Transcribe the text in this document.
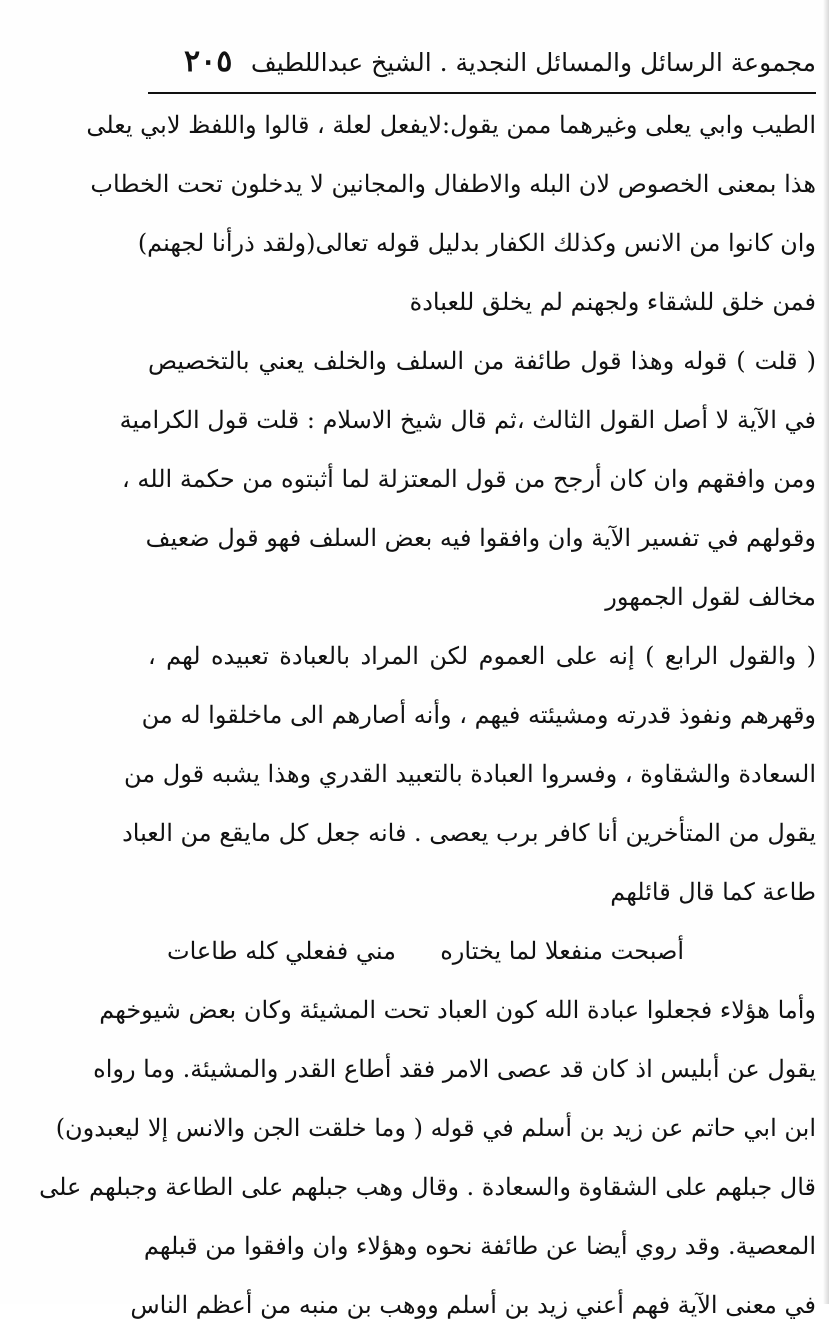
مجموعة الرسائل والمسائل النجدية . الشيخ عبداللطيف
٢٠٥
الطيب وابي يعلى وغيرهما ممن يقول:لايفعل لعلة ، قالوا واللفظ لابي يعلى
هذا بمعنى الخصوص لان البله والاطفال والمجانين لا يدخلون تحت الخطاب
وان كانوا من الانس وكذلك الكفار بدليل قوله تعالى(ولقد ذرأنا لجهنم)
فمن خلق للشقاء ولجهنم لم يخلق للعبادة
( قلت ) قوله وهذا قول طائفة من السلف والخلف يعني بالتخصيص
في الآية لا أصل القول الثالث ،ثم قال شيخ الاسلام : قلت قول الكرامية
ومن وافقهم وان كان أرجح من قول المعتزلة لما أثبتوه من حكمة الله ،
وقولهم في تفسير الآية وان وافقوا فيه بعض السلف فهو قول ضعيف
مخالف لقول الجمهور
( والقول الرابع ) إنه على العموم لكن المراد بالعبادة تعبيده لهم ،
وقهرهم ونفوذ قدرته ومشيئته فيهم ، وأنه أصارهم الى ماخلقوا له من
السعادة والشقاوة ، وفسروا العبادة بالتعبيد القدري وهذا يشبه قول من
يقول من المتأخرين أنا كافر برب يعصى . فانه جعل كل مايقع من العباد
طاعة كما قال قائلهم
أصبحت منفعلا لما يختاره
مني ففعلي كله طاعات
وأما هؤلاء فجعلوا عبادة الله كون العباد تحت المشيئة وكان بعض شيوخهم
يقول عن أبليس اذ كان قد عصى الامر فقد أطاع القدر والمشيئة. وما رواه
ابن ابي حاتم عن زيد بن أسلم في قوله ( وما خلقت الجن والانس إلا ليعبدون)
قال جبلهم على الشقاوة والسعادة . وقال وهب جبلهم على الطاعة وجبلهم على
المعصية. وقد روي أيضا عن طائفة نحوه وهؤلاء وان وافقوا من قبلهم
في معنى الآية فهم أعني زيد بن أسلم ووهب بن منبه من أعظم الناس
